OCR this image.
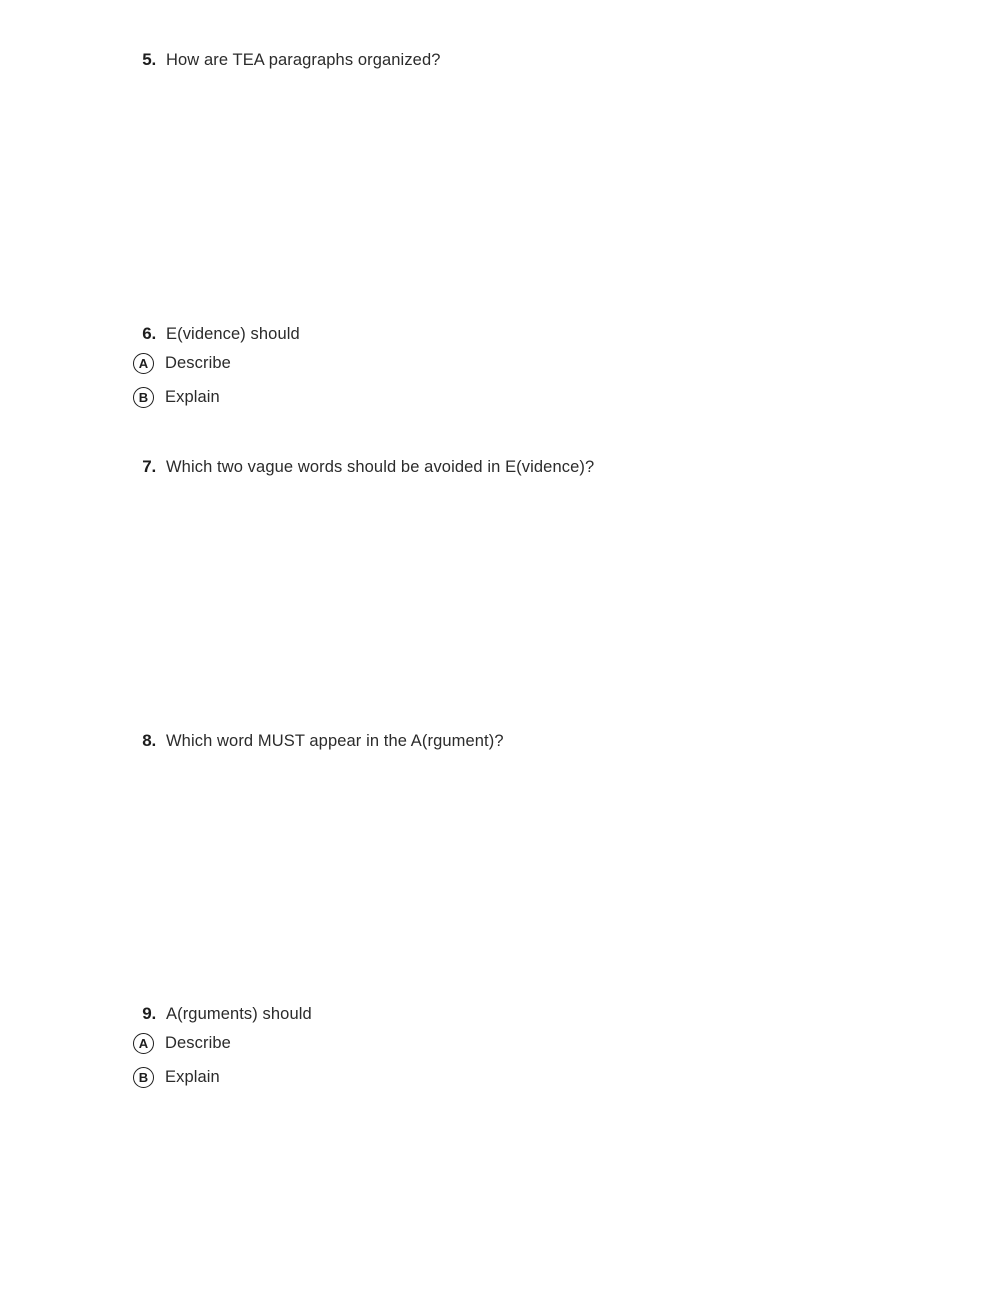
5. How are TEA paragraphs organized?
6. E(vidence) should
A	Describe
B	Explain
7. Which two vague words should be avoided in E(vidence)?
8. Which word MUST appear in the A(rgument)?
9. A(rguments) should
A	Describe
B	Explain
